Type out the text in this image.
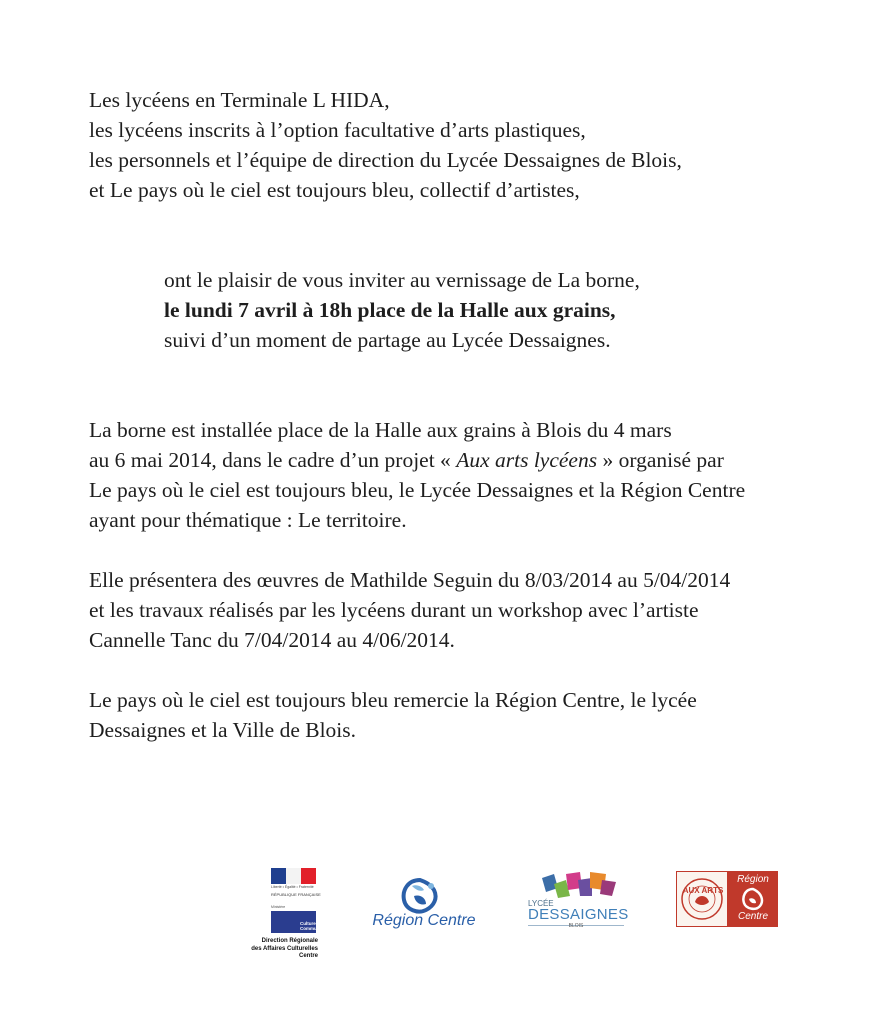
Les lycéens en Terminale L HIDA,

les lycéens inscrits à l’option facultative d’arts plastiques,

les personnels et l’équipe de direction du Lycée Dessaignes de Blois,

et Le pays où le ciel est toujours bleu, collectif d’artistes,

ont le plaisir de vous inviter au vernissage de La borne,

le lundi 7 avril à 18h place de la Halle aux grains,

suivi d’un moment de partage au Lycée Dessaignes.

La borne est installée place de la Halle aux grains à Blois du 4 mars

au 6 mai 2014, dans le cadre d’un projet « Aux arts lycéens » organisé par

Le pays où le ciel est toujours bleu, le Lycée Dessaignes et la Région Centre

ayant pour thématique : Le territoire.

Elle présentera des œuvres de Mathilde Seguin du 8/03/2014 au 5/04/2014

et les travaux réalisés par les lycéens durant un workshop avec l’artiste

Cannelle Tanc du 7/04/2014 au 4/06/2014.

Le pays où le ciel est toujours bleu remercie la Région Centre, le lycée

Dessaignes et la Ville de Blois.

Liberté • Égalité • Fraternité
RÉPUBLIQUE FRANÇAISE
Ministère
Culture
Communication
Direction Régionale
des Affaires Culturelles
Centre
Région Centre
LYCÉE
DESSAIGNES
BLOIS
AUX ARTS
Région
Centre
